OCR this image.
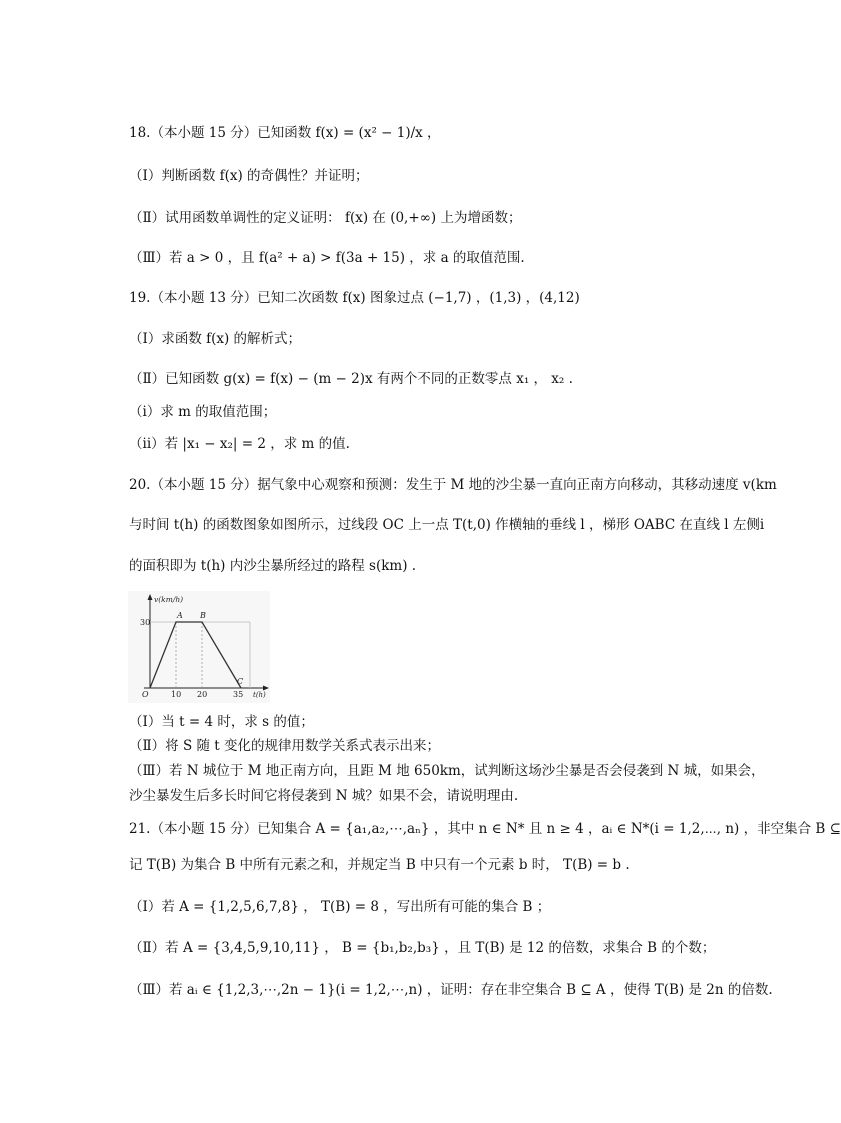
18.（本小题 15 分）已知函数 f(x) = (x² − 1)/x ，
（Ⅰ）判断函数 f(x) 的奇偶性？并证明；
（Ⅱ）试用函数单调性的定义证明： f(x) 在 (0,+∞) 上为增函数；
（Ⅲ）若 a > 0 ，且 f(a² + a) > f(3a + 15) ，求 a 的取值范围.
19.（本小题 13 分）已知二次函数 f(x) 图象过点 (−1,7) ，(1,3) ，(4,12)
（Ⅰ）求函数 f(x) 的解析式；
（Ⅱ）已知函数 g(x) = f(x) − (m − 2)x 有两个不同的正数零点 x₁ ， x₂ .
（i）求 m 的取值范围；
（ii）若 |x₁ − x₂| = 2 ，求 m 的值.
20.（本小题 15 分）据气象中心观察和预测：发生于 M 地的沙尘暴一直向正南方向移动，其移动速度 v(km
与时间 t(h) 的函数图象如图所示，过线段 OC 上一点 T(t,0) 作横轴的垂线 l ，梯形 OABC 在直线 l 左侧i
的面积即为 t(h) 内沙尘暴所经过的路程 s(km) .
v(km/h)
30
O	10 20	35 t(h)
A B
C
（Ⅰ）当 t = 4 时，求 s 的值；
（Ⅱ）将 S 随 t 变化的规律用数学关系式表示出来；
（Ⅲ）若 N 城位于 M 地正南方向，且距 M 地 650km，试判断这场沙尘暴是否会侵袭到 N 城，如果会，
沙尘暴发生后多长时间它将侵袭到 N 城？如果不会，请说明理由.
21.（本小题 15 分）已知集合 A = {a₁,a₂,⋯,aₙ} ，其中 n ∈ N* 且 n ≥ 4 ，aᵢ ∈ N*(i = 1,2,⋯, n) ，非空集合 B ⊆
记 T(B) 为集合 B 中所有元素之和，并规定当 B 中只有一个元素 b 时， T(B) = b .
（Ⅰ）若 A = {1,2,5,6,7,8} ， T(B) = 8 ，写出所有可能的集合 B ；
（Ⅱ）若 A = {3,4,5,9,10,11} ， B = {b₁,b₂,b₃} ，且 T(B) 是 12 的倍数，求集合 B 的个数；
（Ⅲ）若 aᵢ ∈ {1,2,3,⋯,2n − 1}(i = 1,2,⋯,n) ，证明：存在非空集合 B ⊆ A ，使得 T(B) 是 2n 的倍数.
